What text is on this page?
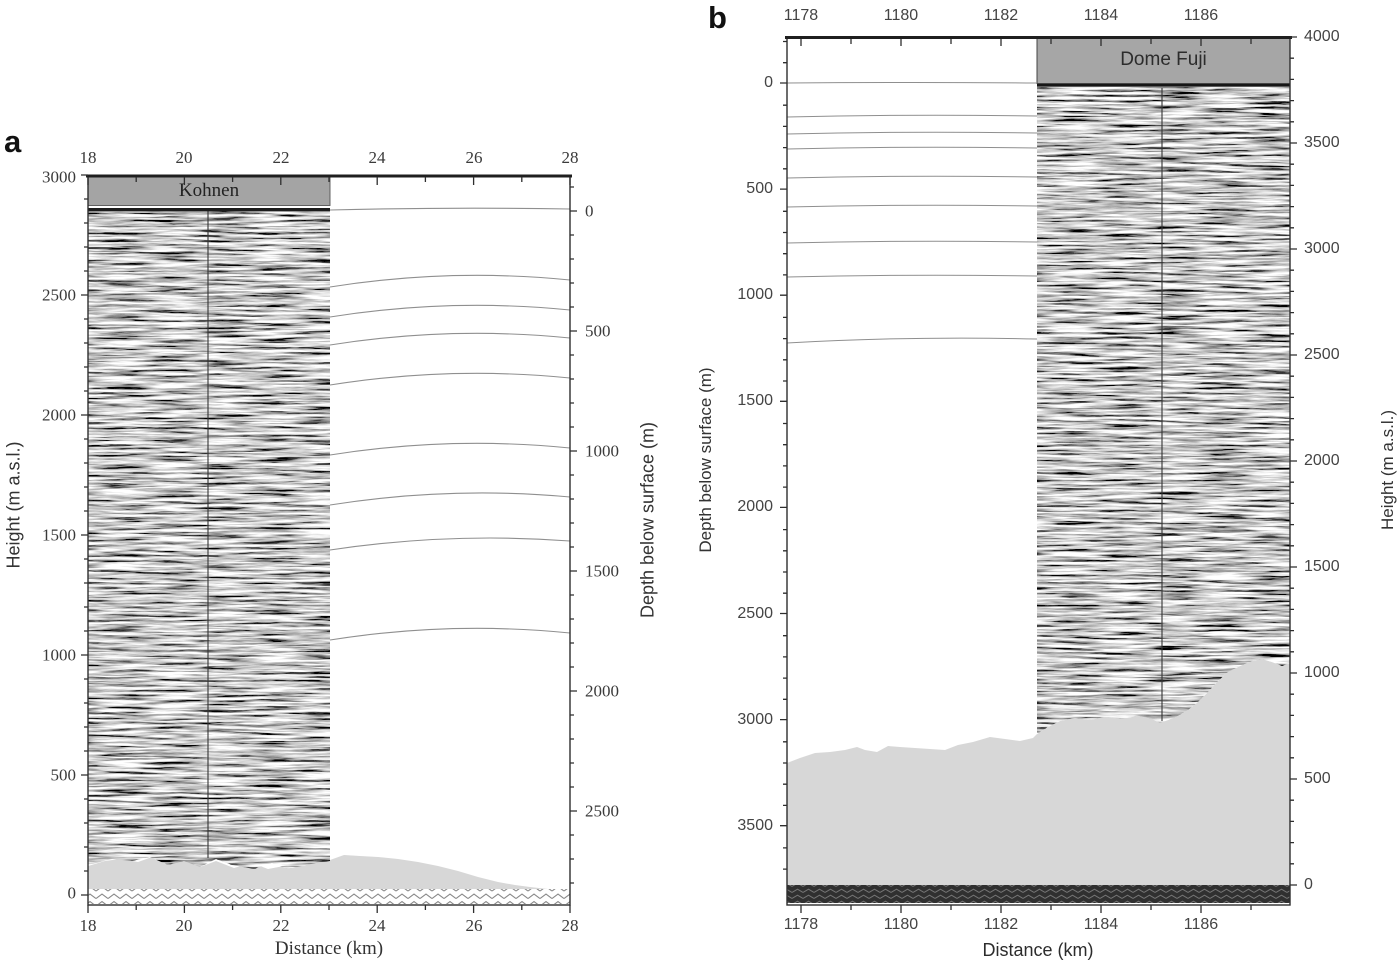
a
Kohnen
18	20	22	24	26	28
18	20	22	24	26	28
3000
2500
2000
1500
1000
500
0
0
500
1000
1500
2000
2500
Height (m a.s.l.)	Depth below surface (m)
Distance (km)
b
Dome Fuji
1178	1180	1182	1184	1186
1178	1180	1182	1184	1186
0
500
1000
1500
2000
2500
3000
3500
4000
3500
3000
2500
2000
1500
1000
500
0
Depth below surface (m)	Height (m a.s.l.)
Distance (km)
